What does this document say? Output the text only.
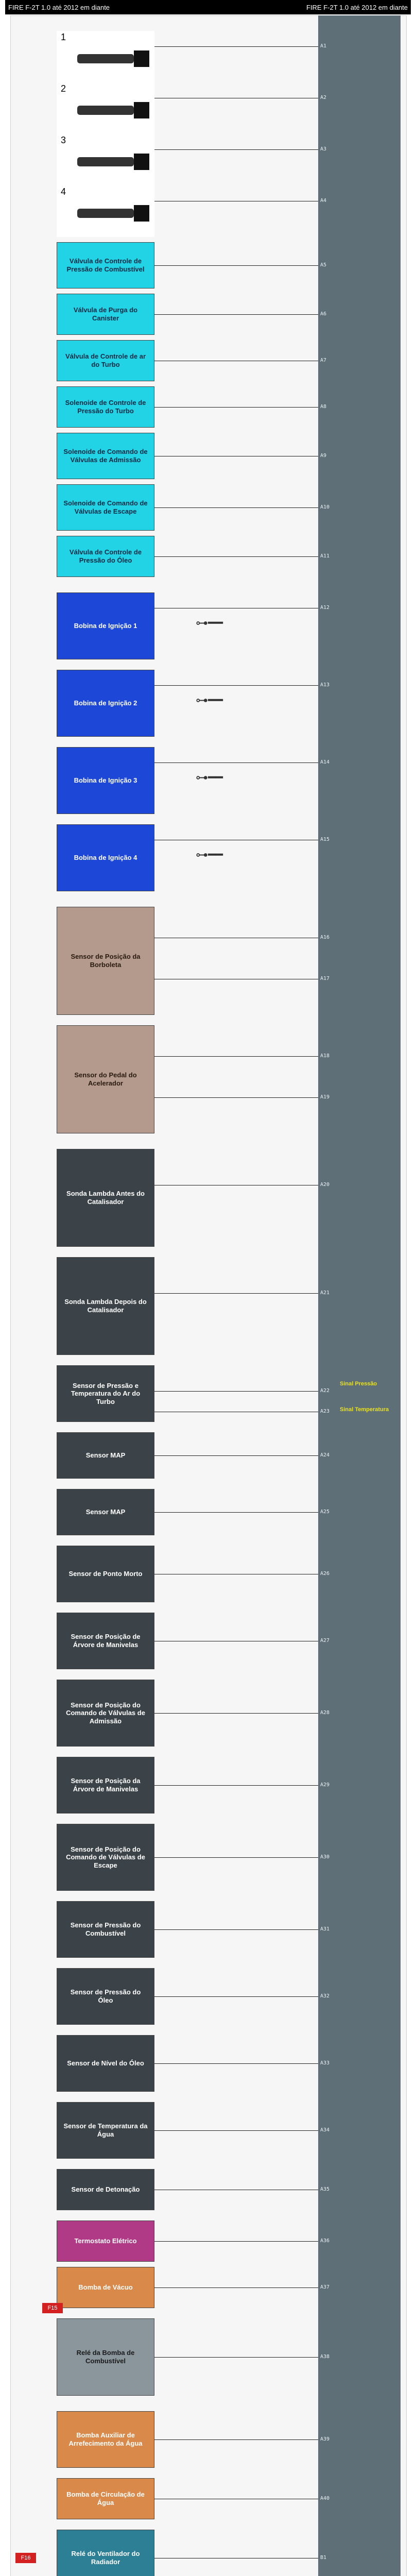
FIRE F-2T 1.0 até 2012 em diante	FIRE F-2T 1.0 até 2012 em diante
1
2
3
4
Válvula de Controle de Pressão de Combustível
Válvula de Purga do Canister
Válvula de Controle de ar do Turbo
Solenoide de Controle de Pressão do Turbo
Solenoide de Comando de Válvulas de Admissão
Solenoide de Comando de Válvulas de Escape
Válvula de Controle de Pressão do Óleo
Bobina de Ignição 1
Bobina de Ignição 2
Bobina de Ignição 3
Bobina de Ignição 4
⊶━━
⊶━━
⊶━━
⊶━━
Sensor de Posição da Borboleta
Sensor do Pedal do Acelerador
Sonda Lambda Antes do Catalisador
Sonda Lambda Depois do Catalisador
Sensor de Pressão e Temperatura do Ar do Turbo
Sinal Pressão
Sinal Temperatura
Sensor MAP
Sensor MAP
Sensor de Ponto Morto
Sensor de Posição de Árvore de Manivelas
Sensor de Posição do Comando de Válvulas de Admissão
Sensor de Posição da Árvore de Manivelas
Sensor de Posição do Comando de Válvulas de Escape
Sensor de Pressão do Combustível
Sensor de Pressão do Óleo
Sensor de Nível do Óleo
Sensor de Temperatura da Água
Sensor de Detonação
Termostato Elétrico
Bomba de Vácuo
Relé da Bomba de Combustível
F15
Bomba Auxiliar de Arrefecimento da Água
Bomba de Circulação de Água
Relé do Ventilador do Radiador
F16
A1
A2
A3
A4
A5
A6
A7
A8
A9
A10
A11
A12
A13
A14
A15
A16
A17
A18
A19
A20
A21
A22
A23
A24
A25
A26
A27
A28
A29
A30
A31
A32
A33
A34
A35
A36
A37
A38
A39
A40
B1
